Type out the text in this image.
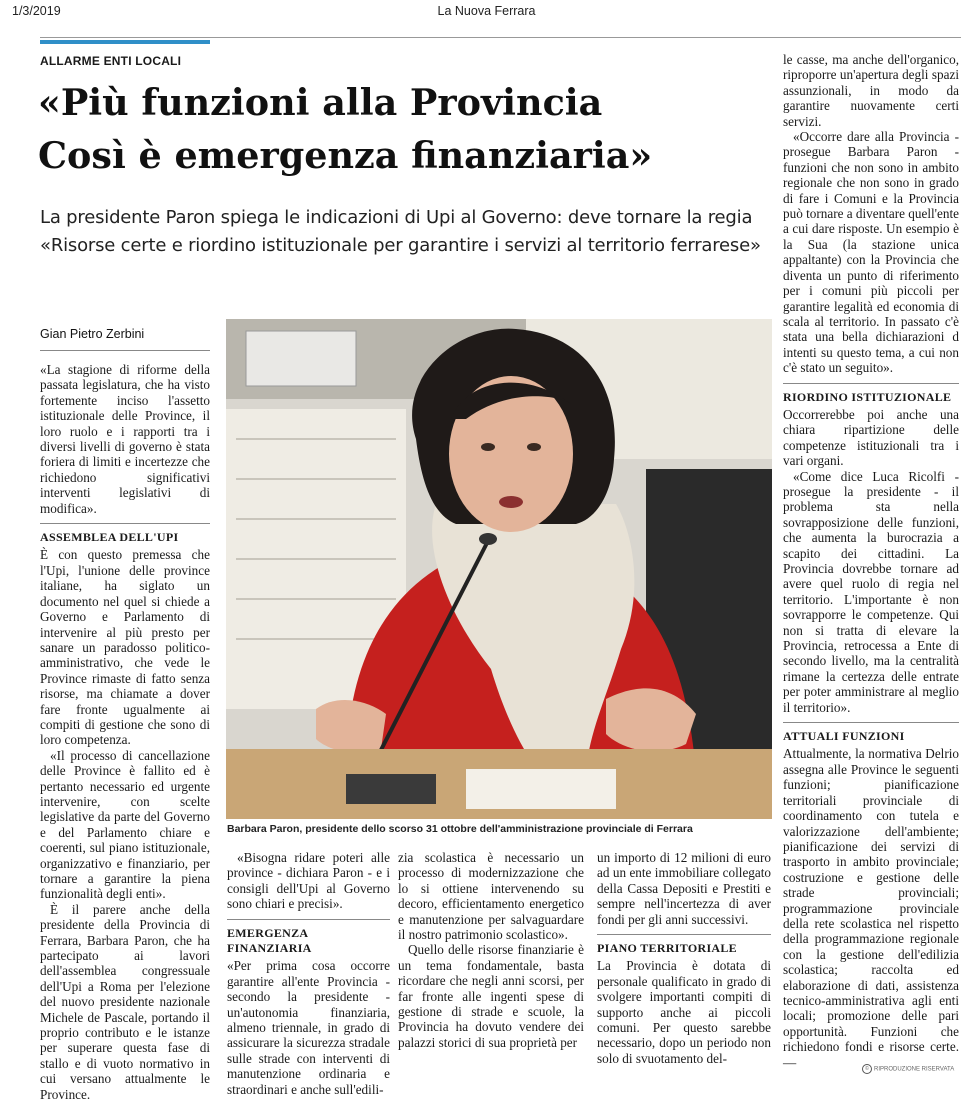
1/3/2019	La Nuova Ferrara
ALLARME ENTI LOCALI
«Più funzioni alla Provincia
Così è emergenza finanziaria»
La presidente Paron spiega le indicazioni di Upi al Governo: deve tornare la regia
«Risorse certe e riordino istituzionale per garantire i servizi al territorio ferrarese»
Gian Pietro Zerbini

«La stagione di riforme della passata legislatura, che ha visto fortemente inciso l'assetto istituzionale delle Province, il loro ruolo e i rapporti tra i diversi livelli di governo è stata foriera di limiti e incertezze che richiedono significativi interventi legislativi di modifica».

ASSEMBLEA DELL'UPI

È con questo premessa che l'Upi, l'unione delle province italiane, ha siglato un documento nel quel si chiede a Governo e Parlamento di intervenire al più presto per sanare un paradosso politico-amministrativo, che vede le Province rimaste di fatto senza risorse, ma chiamate a dover fare fronte ugualmente ai compiti di gestione che sono di loro competenza.

«Il processo di cancellazione delle Province è fallito ed è pertanto necessario ed urgente intervenire, con scelte legislative da parte del Governo e del Parlamento chiare e coerenti, sul piano istituzionale, organizzativo e finanziario, per tornare a garantire la piena funzionalità degli enti».

È il parere anche della presidente della Provincia di Ferrara, Barbara Paron, che ha partecipato ai lavori dell'assemblea congressuale dell'Upi a Roma per l'elezione del nuovo presidente nazionale Michele de Pascale, portando il proprio contributo e le istanze per superare questa fase di stallo e di vuoto normativo in cui versano attualmente le Province.

Barbara Paron, presidente dello scorso 31 ottobre dell'amministrazione provinciale di Ferrara

«Bisogna ridare poteri alle province - dichiara Paron - e i consigli dell'Upi al Governo sono chiari e precisi».

EMERGENZA FINANZIARIA

«Per prima cosa occorre garantire all'ente Provincia - secondo la presidente - un'autonomia finanziaria, almeno triennale, in grado di assicurare la sicurezza stradale sulle strade con interventi di manutenzione ordinaria e straordinari e anche sull'edili-

zia scolastica è necessario un processo di modernizzazione che lo si ottiene intervenendo su decoro, efficientamento energetico e manutenzione per salvaguardare il nostro patrimonio scolastico».

Quello delle risorse finanziarie è un tema fondamentale, basta ricordare che negli anni scorsi, per far fronte alle ingenti spese di gestione di strade e scuole, la Provincia ha dovuto vendere dei palazzi storici di sua proprietà per

un importo di 12 milioni di euro ad un ente immobiliare collegato della Cassa Depositi e Prestiti e sempre nell'incertezza di aver fondi per gli anni successivi.

PIANO TERRITORIALE

La Provincia è dotata di personale qualificato in grado di svolgere importanti compiti di supporto anche ai piccoli comuni. Per questo sarebbe necessario, dopo un periodo non solo di svuotamento del-

le casse, ma anche dell'organico, riproporre un'apertura degli spazi assunzionali, in modo da garantire nuovamente certi servizi.

«Occorre dare alla Provincia - prosegue Barbara Paron - funzioni che non sono in ambito regionale che non sono in grado di fare i Comuni e la Provincia può tornare a diventare quell'ente a cui dare risposte. Un esempio è la Sua (la stazione unica appaltante) con la Provincia che diventa un punto di riferimento per i comuni più piccoli per garantire legalità ed economia di scala al territorio. In passato c'è stata una bella dichiarazioni d intenti su questo tema, a cui non c'è stato un seguito».

RIORDINO ISTITUZIONALE

Occorrerebbe poi anche una chiara ripartizione delle competenze istituzionali tra i vari organi.

«Come dice Luca Ricolfi - prosegue la presidente - il problema sta nella sovrapposizione delle funzioni, che aumenta la burocrazia a scapito dei cittadini. La Provincia dovrebbe tornare ad avere quel ruolo di regia nel territorio. L'importante è non sovrapporre le competenze. Qui non si tratta di elevare la Provincia, retrocessa a Ente di secondo livello, ma la centralità rimane la certezza delle entrate per poter amministrare al meglio il territorio».

ATTUALI FUNZIONI

Attualmente, la normativa Delrio assegna alle Province le seguenti funzioni; pianificazione territoriali provinciale di coordinamento con tutela e valorizzazione dell'ambiente; pianificazione dei servizi di trasporto in ambito provinciale; costruzione e gestione delle strade provinciali; programmazione provinciale della rete scolastica nel rispetto della programmazione regionale con la gestione dell'edilizia scolastica; raccolta ed elaborazione di dati, assistenza tecnico-amministrativa agli enti locali; promozione delle pari opportunità. Funzioni che richiedono fondi e risorse certe. —	© RIPRODUZIONE RISERVATA
